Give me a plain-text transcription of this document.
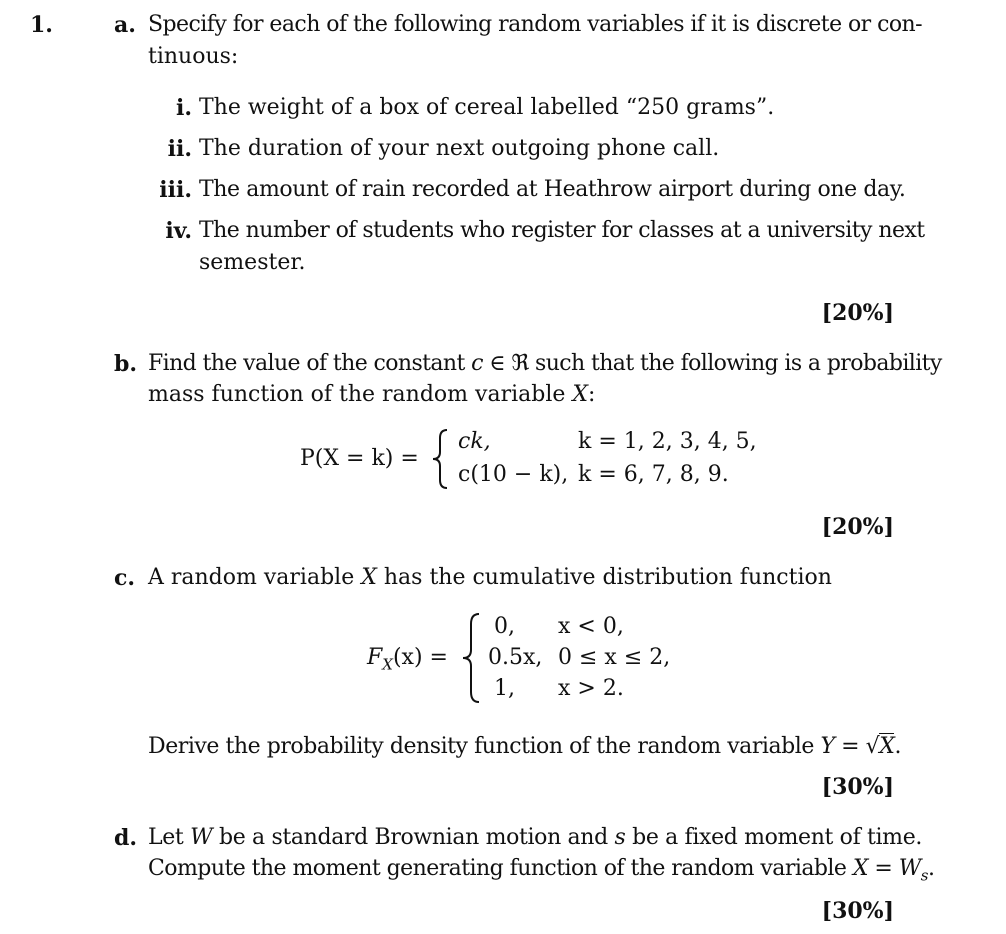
1.	a. Specify for each of the following random variables if it is discrete or con-
tinuous:
i. The weight of a box of cereal labelled “250 grams”.
ii. The duration of your next outgoing phone call.
iii. The amount of rain recorded at Heathrow airport during one day.
iv. The number of students who register for classes at a university next
semester.
[20%]
b. Find the value of the constant c ∈ ℜ such that the following is a probability
mass function of the random variable X:
P(X = k) =
ck,	k = 1, 2, 3, 4, 5,
c(10 − k), k = 6, 7, 8, 9.
[20%]
c. A random variable X has the cumulative distribution function
$F_X(x)$ =
0, x < 0,
0.5x, 0 ≤ x ≤ 2,
1, x > 2.
Derive the probability density function of the random variable Y = √X.
[30%]
d. Let W be a standard Brownian motion and s be a fixed moment of time.
Compute the moment generating function of the random variable $X = W_s$.
[30%]
